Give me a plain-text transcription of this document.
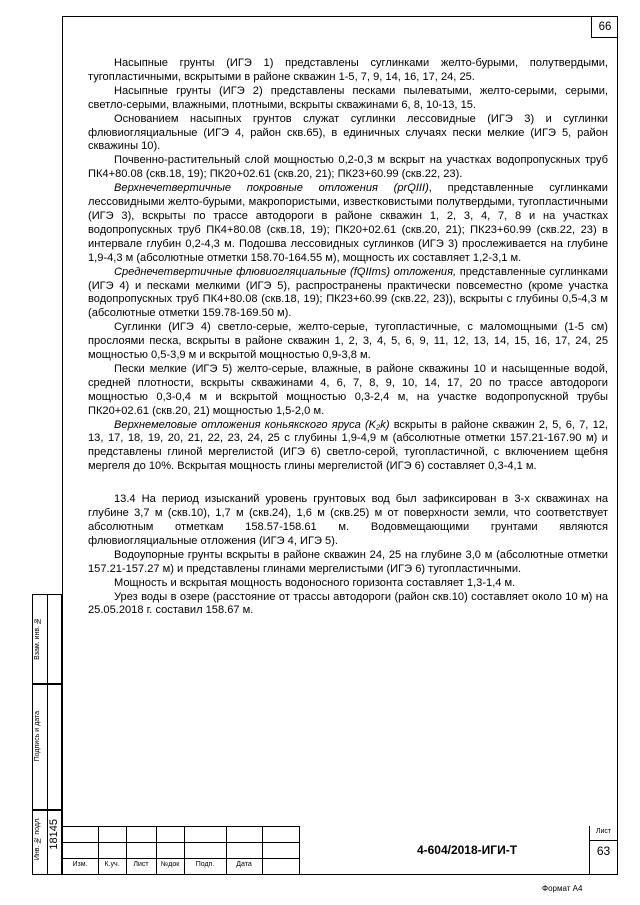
66

Насыпные грунты (ИГЭ 1) представлены суглинками желто-бурыми, полутвердыми, тугопластичными, вскрытыми в районе скважин 1-5, 7, 9, 14, 16, 17, 24, 25.

Насыпные грунты (ИГЭ 2) представлены песками пылеватыми, желто-серыми, серыми, светло-серыми, влажными, плотными, вскрыты скважинами 6, 8, 10-13, 15.

Основанием насыпных грунтов служат суглинки лессовидные (ИГЭ 3) и суглинки флювиогляциальные (ИГЭ 4, район скв.65), в единичных случаях пески мелкие (ИГЭ 5, район скважины 10).

Почвенно-растительный слой мощностью 0,2-0,3 м вскрыт на участках водопропускных труб ПК4+80.08 (скв.18, 19); ПК20+02.61 (скв.20, 21); ПК23+60.99 (скв.22, 23).

Верхнечетвертичные покровные отложения (prQIII), представленные суглинками лессовидными желто-бурыми, макропористыми, известковистыми полутвердыми, тугопластичными (ИГЭ 3), вскрыты по трассе автодороги в районе скважин 1, 2, 3, 4, 7, 8 и на участках водопропускных труб ПК4+80.08 (скв.18, 19); ПК20+02.61 (скв.20, 21); ПК23+60.99 (скв.22, 23) в интервале глубин 0,2-4,3 м. Подошва лессовидных суглинков (ИГЭ 3) прослеживается на глубине 1,9-4,3 м (абсолютные отметки 158.70-164.55 м), мощность их составляет 1,2-3,1 м.

Среднечетвертичные флювиогляциальные (fQIIms) отложения, представленные суглинками (ИГЭ 4) и песками мелкими (ИГЭ 5), распространены практически повсеместно (кроме участка водопропускных труб ПК4+80.08 (скв.18, 19); ПК23+60.99 (скв.22, 23)), вскрыты с глубины 0,5-4,3 м (абсолютные отметки 159.78-169.50 м).

Суглинки (ИГЭ 4) светло-серые, желто-серые, тугопластичные, с маломощными (1-5 см) прослоями песка, вскрыты в районе скважин 1, 2, 3, 4, 5, 6, 9, 11, 12, 13, 14, 15, 16, 17, 24, 25 мощностью 0,5-3,9 м и вскрытой мощностью 0,9-3,8 м.

Пески мелкие (ИГЭ 5) желто-серые, влажные, в районе скважины 10 и насыщенные водой, средней плотности, вскрыты скважинами 4, 6, 7, 8, 9, 10, 14, 17, 20 по трассе автодороги мощностью 0,3-0,4 м и вскрытой мощностью 0,3-2,4 м, на участке водопропускной трубы ПК20+02.61 (скв.20, 21) мощностью 1,5-2,0 м.

Верхнемеловые отложения коньякского яруса (K₂k) вскрыты в районе скважин 2, 5, 6, 7, 12, 13, 17, 18, 19, 20, 21, 22, 23, 24, 25 с глубины 1,9-4,9 м (абсолютные отметки 157.21-167.90 м) и представлены глиной мергелистой (ИГЭ 6) светло-серой, тугопластичной, с включением щебня мергеля до 10%. Вскрытая мощность глины мергелистой (ИГЭ 6) составляет 0,3-4,1 м.

13.4 На период изысканий уровень грунтовых вод был зафиксирован в 3-х скважинах на глубине 3,7 м (скв.10), 1,7 м (скв.24), 1,6 м (скв.25) м от поверхности земли, что соответствует абсолютным отметкам 158.57-158.61 м. Водовмещающими грунтами являются флювиогляциальные отложения (ИГЭ 4, ИГЭ 5).

Водоупорные грунты вскрыты в районе скважин 24, 25 на глубине 3,0 м (абсолютные отметки 157.21-157.27 м) и представлены глинами мергелистыми (ИГЭ 6) тугопластичными.

Мощность и вскрытая мощность водоносного горизонта составляет 1,3-1,4 м.

Урез воды в озере (расстояние от трассы автодороги (район скв.10) составляет около 10 м) на 25.05.2018 г. составил 158.67 м.

Взам. инв. №
Подпись и дата
Инв. № подл. 18145
Изм.	К.уч.	Лист	№док	Подп.	Дата
4-604/2018-ИГИ-Т
Лист
63
Формат А4
